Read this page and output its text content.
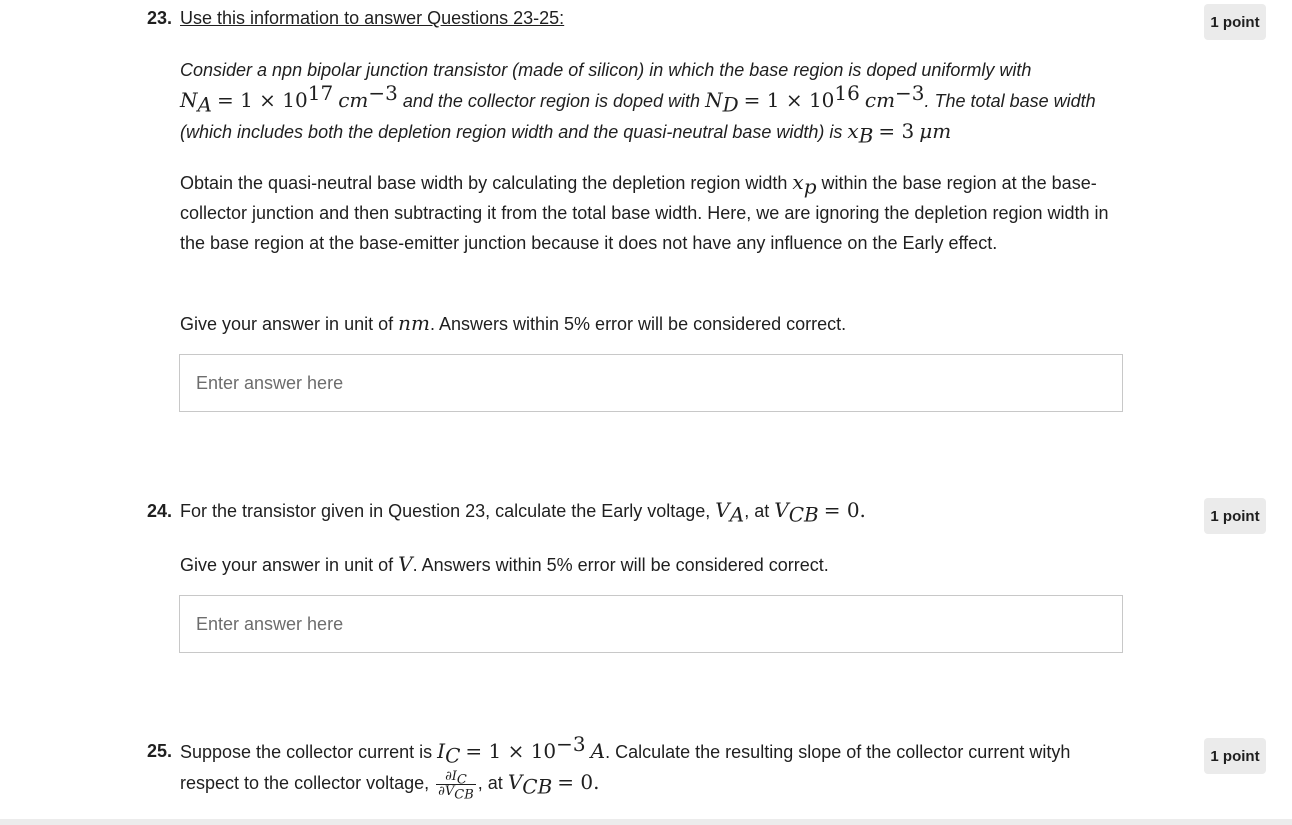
23. Use this information to answer Questions 23-25:	1 point
Consider a npn bipolar junction transistor (made of silicon) in which the base region is doped uniformly with
$N_A = 1 \times 10^{17}$ $cm^{-3}$ and the collector region is doped with $N_D = 1 \times 10^{16}$ $cm^{-3}$. The total base width
(which includes both the depletion region width and the quasi-neutral base width) is $x_B = 3$ μm
Obtain the quasi-neutral base width by calculating the depletion region width $x_p$ within the base region at the base-collector junction and then subtracting it from the total base width. Here, we are ignoring the depletion region width in the base region at the base-emitter junction because it does not have any influence on the Early effect.
Give your answer in unit of nm. Answers within 5% error will be considered correct.
Enter answer here
24. For the transistor given in Question 23, calculate the Early voltage, $V_A$, at $V_{CB} = 0$.	1 point
Give your answer in unit of V. Answers within 5% error will be considered correct.
Enter answer here
25. Suppose the collector current is $I_C = 1 \times 10^{-3}$ A. Calculate the resulting slope of the collector current wityh
respect to the collector voltage, $\frac{\partial I_C}{\partial V_{CB}}$ , at $V_{CB} = 0$.
1 point
